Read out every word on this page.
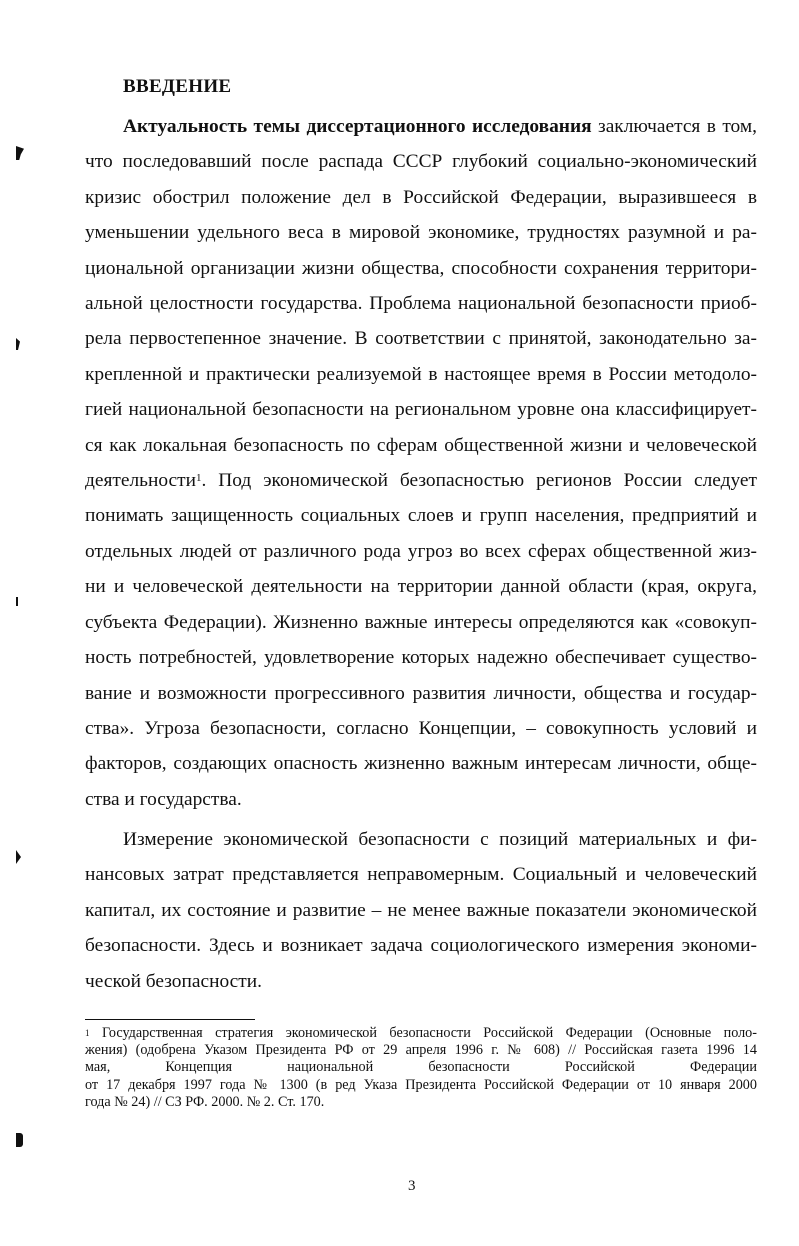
ВВЕДЕНИЕ
Актуальность темы диссертационного исследования заключается в том,
что последовавший после распада СССР глубокий социально-экономический
кризис обострил положение дел в Российской Федерации, выразившееся в
уменьшении удельного веса в мировой экономике, трудностях разумной и ра-
циональной организации жизни общества, способности сохранения территори-
альной целостности государства. Проблема национальной безопасности приоб-
рела первостепенное значение. В соответствии с принятой, законодательно за-
крепленной и практически реализуемой в настоящее время в России методоло-
гией национальной безопасности на региональном уровне она классифицирует-
ся как локальная безопасность по сферам общественной жизни и человеческой
деятельности$^1$. Под экономической безопасностью регионов России следует
понимать защищенность социальных слоев и групп населения, предприятий и
отдельных людей от различного рода угроз во всех сферах общественной жиз-
ни и человеческой деятельности на территории данной области (края, округа,
субъекта Федерации). Жизненно важные интересы определяются как «совокуп-
ность потребностей, удовлетворение которых надежно обеспечивает существо-
вание и возможности прогрессивного развития личности, общества и государ-
ства». Угроза безопасности, согласно Концепции, – совокупность условий и
факторов, создающих опасность жизненно важным интересам личности, обще-
ства и государства.
Измерение экономической безопасности с позиций материальных и фи-
нансовых затрат представляется неправомерным. Социальный и человеческий
капитал, их состояние и развитие – не менее важные показатели экономической
безопасности. Здесь и возникает задача социологического измерения экономи-
ческой безопасности.
$^1$ Государственная стратегия экономической безопасности Российской Федерации (Основные поло-
жения) (одобрена Указом Президента РФ от 29 апреля 1996 г. № 608) // Российская газета 1996 14
мая, Концепция национальной безопасности Российской Федерации
от 17 декабря 1997 года № 1300 (в ред Указа Президента Российской Федерации от 10 января 2000
года № 24) // СЗ РФ. 2000. № 2. Ст. 170.
3
